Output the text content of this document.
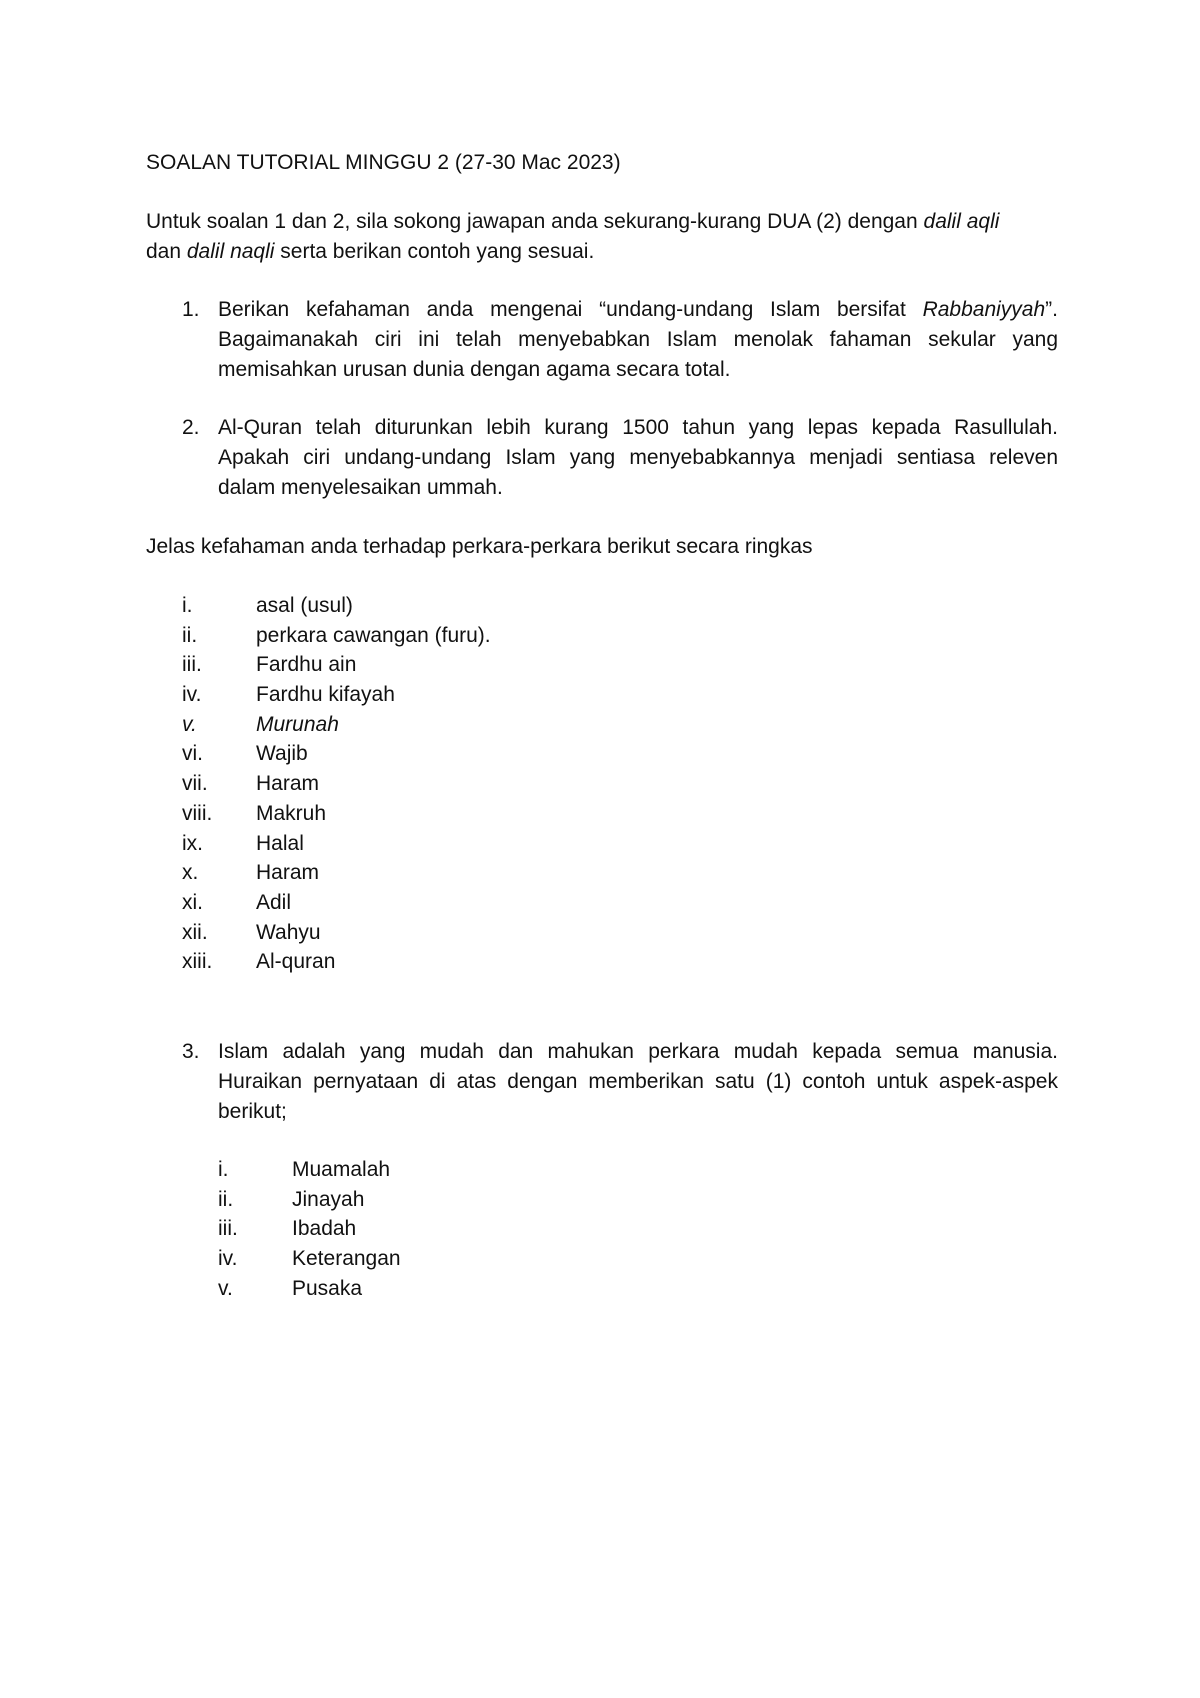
SOALAN TUTORIAL MINGGU 2 (27-30 Mac 2023)
Untuk soalan 1 dan 2, sila sokong jawapan anda sekurang-kurang DUA (2) dengan dalil aqli
dan dalil naqli serta berikan contoh yang sesuai.
1. Berikan kefahaman anda mengenai “undang-undang Islam bersifat Rabbaniyyah”.
Bagaimanakah ciri ini telah menyebabkan Islam menolak fahaman sekular yang
memisahkan urusan dunia dengan agama secara total.
2. Al-Quran telah diturunkan lebih kurang 1500 tahun yang lepas kepada Rasullulah.
Apakah ciri undang-undang Islam yang menyebabkannya menjadi sentiasa releven
dalam menyelesaikan ummah.
Jelas kefahaman anda terhadap perkara-perkara berikut secara ringkas
i.	asal (usul)
ii.	perkara cawangan (furu).
iii.	Fardhu ain
iv.	Fardhu kifayah
v.	Murunah
vi.	Wajib
vii.	Haram
viii.	Makruh
ix.	Halal
x.	Haram
xi.	Adil
xii.	Wahyu
xiii.	Al-quran
3. Islam adalah yang mudah dan mahukan perkara mudah kepada semua manusia.
Huraikan pernyataan di atas dengan memberikan satu (1) contoh untuk aspek-aspek
berikut;
i.	Muamalah
ii.	Jinayah
iii.	Ibadah
iv.	Keterangan
v.	Pusaka
